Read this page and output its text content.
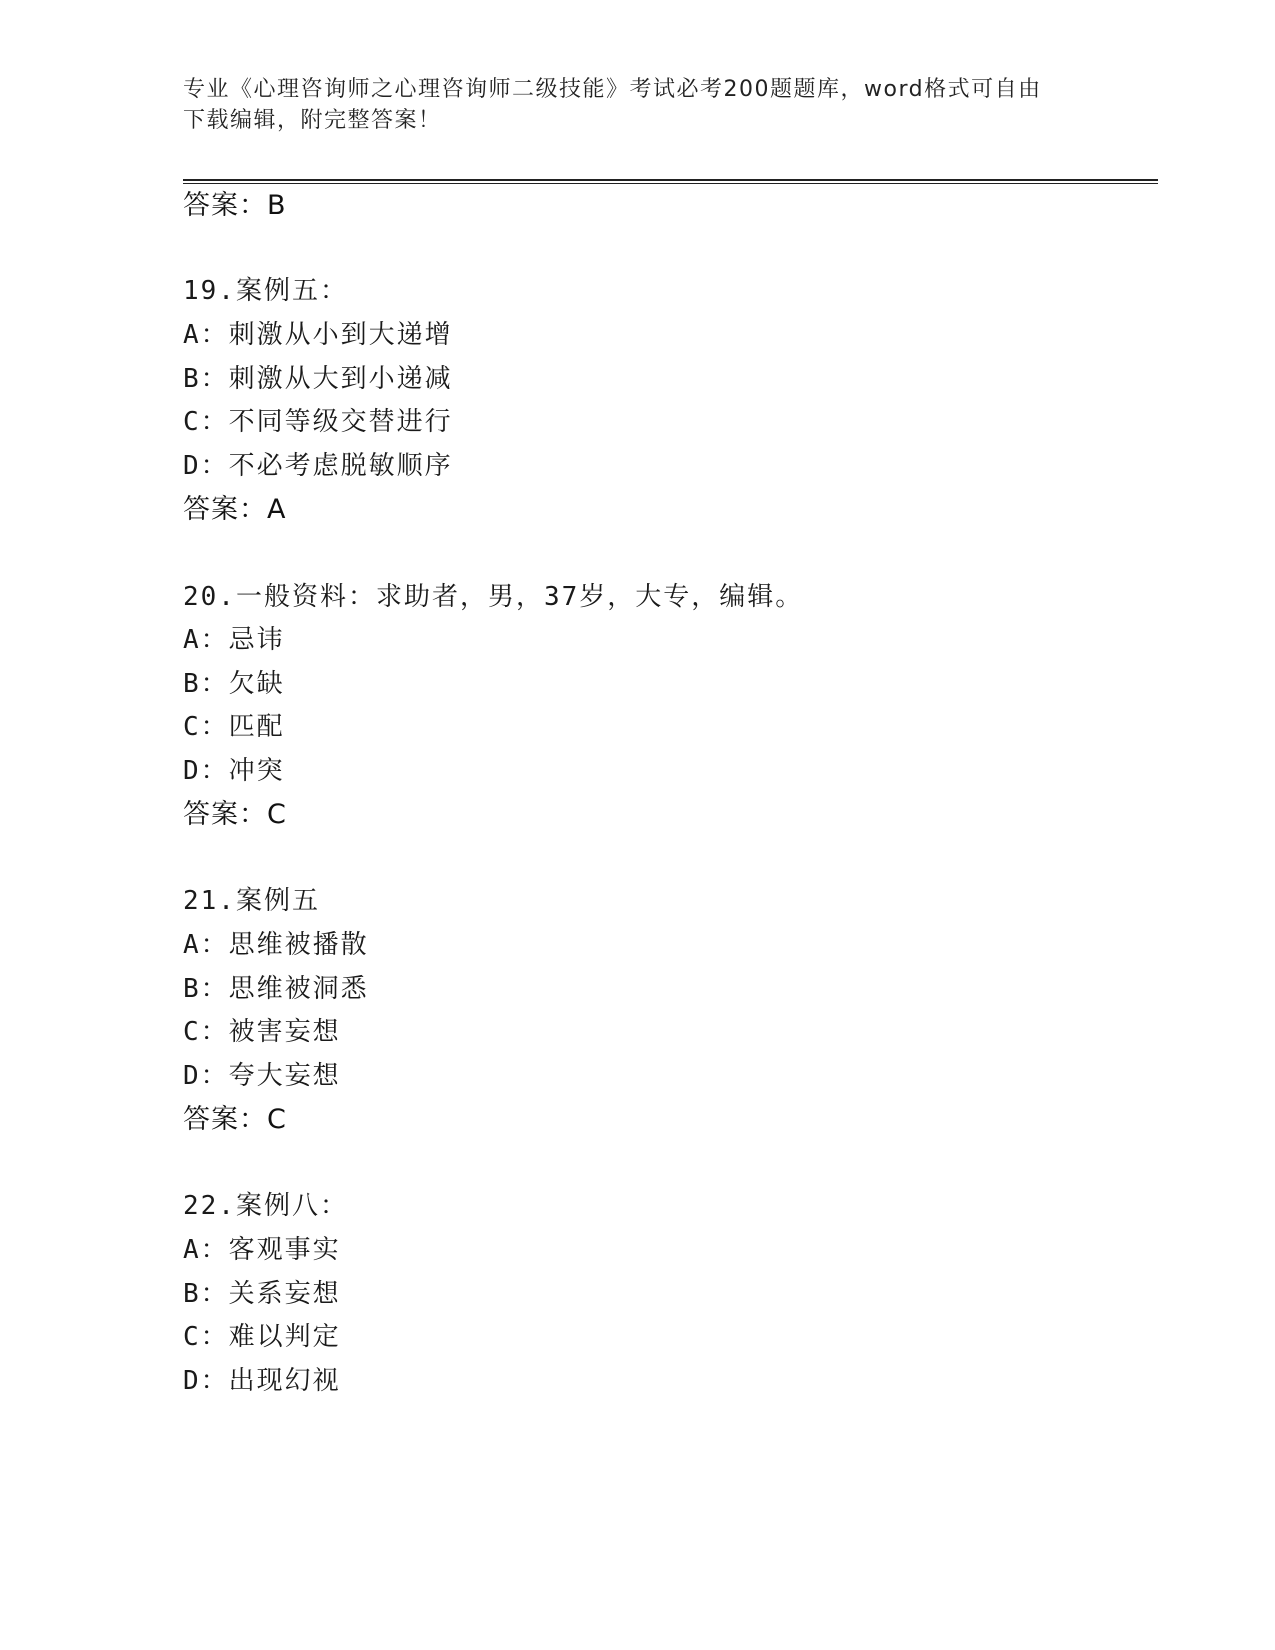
专业《心理咨询师之心理咨询师二级技能》考试必考200题题库，word格式可自由下载编辑，附完整答案！
答案：B
19.案例五：
A：刺激从小到大递增
B：刺激从大到小递减
C：不同等级交替进行
D：不必考虑脱敏顺序
答案：A
20.一般资料：求助者，男，37岁，大专，编辑。
A：忌讳
B：欠缺
C：匹配
D：冲突
答案：C
21.案例五
A：思维被播散
B：思维被洞悉
C：被害妄想
D：夸大妄想
答案：C
22.案例八：
A：客观事实
B：关系妄想
C：难以判定
D：出现幻视
